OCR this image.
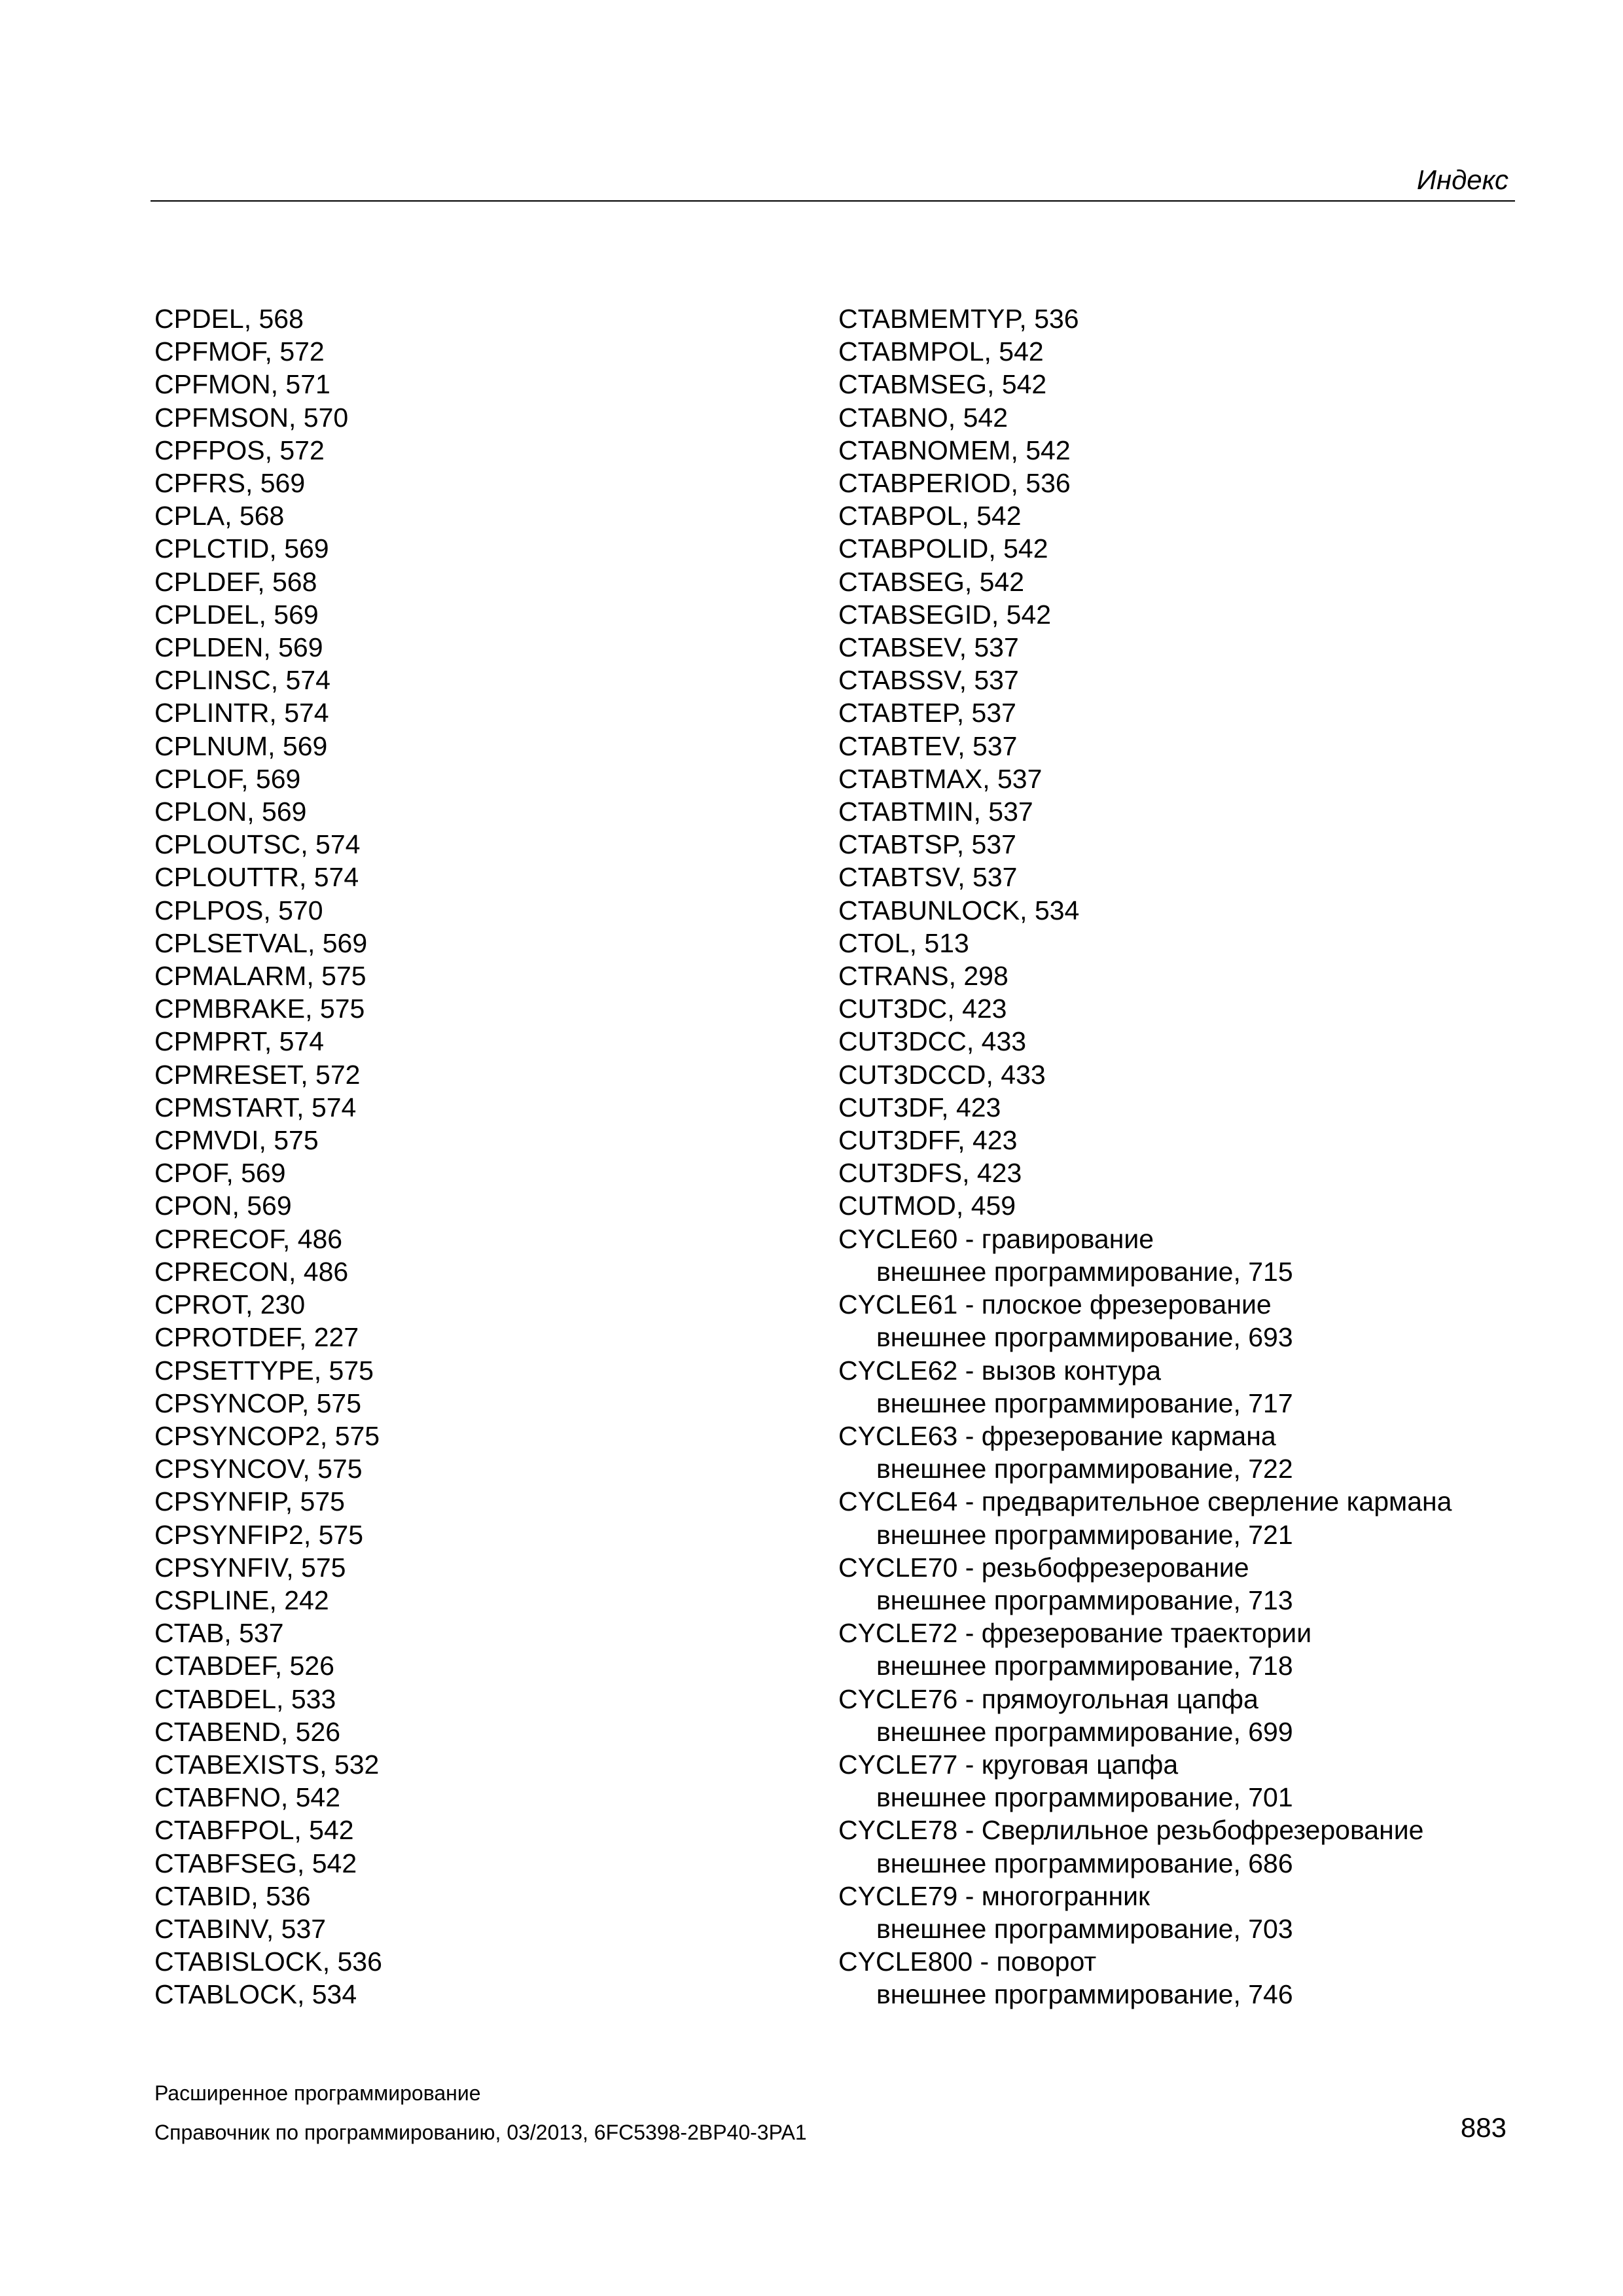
Индекс
CPDEL, 568
CPFMOF, 572
CPFMON, 571
CPFMSON, 570
CPFPOS, 572
CPFRS, 569
CPLA, 568
CPLCTID, 569
CPLDEF, 568
CPLDEL, 569
CPLDEN, 569
CPLINSC, 574
CPLINTR, 574
CPLNUM, 569
CPLOF, 569
CPLON, 569
CPLOUTSC, 574
CPLOUTTR, 574
CPLPOS, 570
CPLSETVAL, 569
CPMALARM, 575
CPMBRAKE, 575
CPMPRT, 574
CPMRESET, 572
CPMSTART, 574
CPMVDI, 575
CPOF, 569
CPON, 569
CPRECOF, 486
CPRECON, 486
CPROT, 230
CPROTDEF, 227
CPSETTYPE, 575
CPSYNCOP, 575
CPSYNCOP2, 575
CPSYNCOV, 575
CPSYNFIP, 575
CPSYNFIP2, 575
CPSYNFIV, 575
CSPLINE, 242
CTAB, 537
CTABDEF, 526
CTABDEL, 533
CTABEND, 526
CTABEXISTS, 532
CTABFNO, 542
CTABFPOL, 542
CTABFSEG, 542
CTABID, 536
CTABINV, 537
CTABISLOCK, 536
CTABLOCK, 534
CTABMEMTYP, 536
CTABMPOL, 542
CTABMSEG, 542
CTABNO, 542
CTABNOMEM, 542
CTABPERIOD, 536
CTABPOL, 542
CTABPOLID, 542
CTABSEG, 542
CTABSEGID, 542
CTABSEV, 537
CTABSSV, 537
CTABTEP, 537
CTABTEV, 537
CTABTMAX, 537
CTABTMIN, 537
CTABTSP, 537
CTABTSV, 537
CTABUNLOCK, 534
CTOL, 513
CTRANS, 298
CUT3DC, 423
CUT3DCC, 433
CUT3DCCD, 433
CUT3DF, 423
CUT3DFF, 423
CUT3DFS, 423
CUTMOD, 459
CYCLE60 - гравирование
внешнее программирование, 715
CYCLE61 - плоское фрезерование
внешнее программирование, 693
CYCLE62 - вызов контура
внешнее программирование, 717
CYCLE63 - фрезерование кармана
внешнее программирование, 722
CYCLE64 - предварительное сверление кармана
внешнее программирование, 721
CYCLE70 - резьбофрезерование
внешнее программирование, 713
CYCLE72 - фрезерование траектории
внешнее программирование, 718
CYCLE76 - прямоугольная цапфа
внешнее программирование, 699
CYCLE77 - круговая цапфа
внешнее программирование, 701
CYCLE78 - Сверлильное резьбофрезерование
внешнее программирование, 686
CYCLE79 - многогранник
внешнее программирование, 703
CYCLE800 - поворот
внешнее программирование, 746
Расширенное программирование
Справочник по программированию, 03/2013, 6FC5398-2BP40-3PA1	883
